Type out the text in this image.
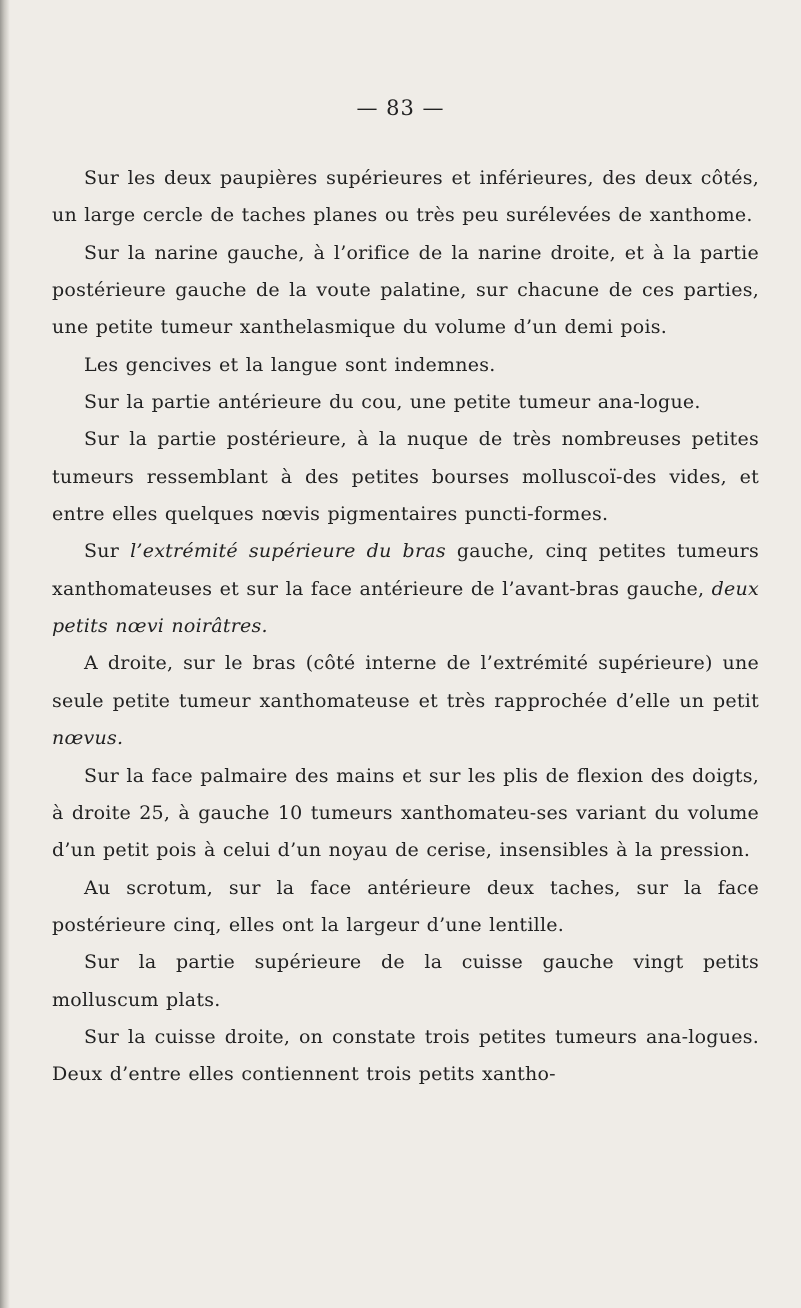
— 83 —

Sur les deux paupières supérieures et inférieures, des deux côtés, un large cercle de taches planes ou très peu surélevées de xanthome.

Sur la narine gauche, à l’orifice de la narine droite, et à la partie postérieure gauche de la voute palatine, sur chacune de ces parties, une petite tumeur xanthelasmique du volume d’un demi pois.

Les gencives et la langue sont indemnes.

Sur la partie antérieure du cou, une petite tumeur ana-logue.

Sur la partie postérieure, à la nuque de très nombreuses petites tumeurs ressemblant à des petites bourses molluscoï-des vides, et entre elles quelques nœvis pigmentaires puncti-formes.

Sur l’extrémité supérieure du bras gauche, cinq petites tumeurs xanthomateuses et sur la face antérieure de l’avant-bras gauche, deux petits nœvi noirâtres.

A droite, sur le bras (côté interne de l’extrémité supérieure) une seule petite tumeur xanthomateuse et très rapprochée d’elle un petit nœvus.

Sur la face palmaire des mains et sur les plis de flexion des doigts, à droite 25, à gauche 10 tumeurs xanthomateu-ses variant du volume d’un petit pois à celui d’un noyau de cerise, insensibles à la pression.

Au scrotum, sur la face antérieure deux taches, sur la face postérieure cinq, elles ont la largeur d’une lentille.

Sur la partie supérieure de la cuisse gauche vingt petits molluscum plats.

Sur la cuisse droite, on constate trois petites tumeurs ana-logues. Deux d’entre elles contiennent trois petits xantho-
